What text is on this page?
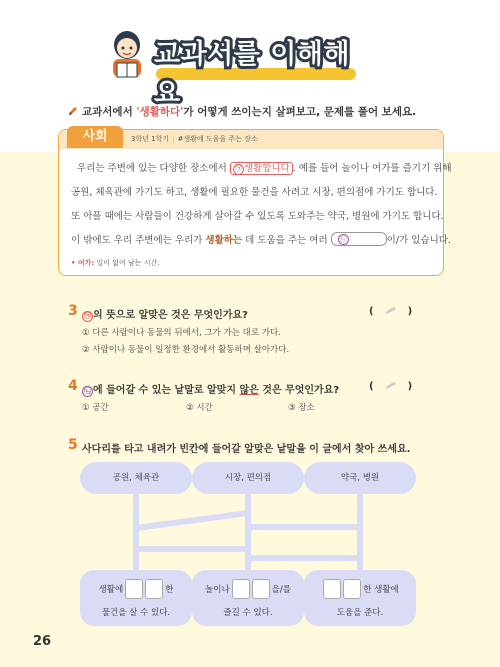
교과서를 이해해요
교과서에서 '생활하다'가 어떻게 쓰이는지 살펴보고, 문제를 풀어 보세요.
사회	3학년 1학기 | #생활에 도움을 주는 장소
우리는 주변에 있는 다양한 장소에서 ㉠ 생활합니다 . 예를 들어 놀이나 여가를 즐기기 위해
공원, 체육관에 가기도 하고, 생활에 필요한 물건을 사려고 시장, 편의점에 가기도 합니다.
또 아플 때에는 사람들이 건강하게 살아갈 수 있도록 도와주는 약국, 병원에 가기도 합니다.
이 밖에도 우리 주변에는 우리가 생활하는 데 도움을 주는 여러 ㉡	이/가 있습니다.
• 여가: 일이 없어 남는 시간.
3 ㉠ 의 뜻으로 알맞은 것은 무엇인가요?	(	)
① 다른 사람이나 동물의 뒤에서, 그가 가는 대로 가다.
② 사람이나 동물이 일정한 환경에서 활동하며 살아가다.
4 ㉡ 에 들어갈 수 있는 낱말로 알맞지 않은 것은 무엇인가요?	(	)
① 공간	② 시간	③ 장소
5 사다리를 타고 내려가 빈칸에 들어갈 알맞은 낱말을 이 글에서 찾아 쓰세요.
공원, 체육관	시장, 편의점	약국, 병원
생활에	한
물건을 살 수 있다.
놀이나	을/를
즐길 수 있다.
한 생활에
도움을 준다.
26
